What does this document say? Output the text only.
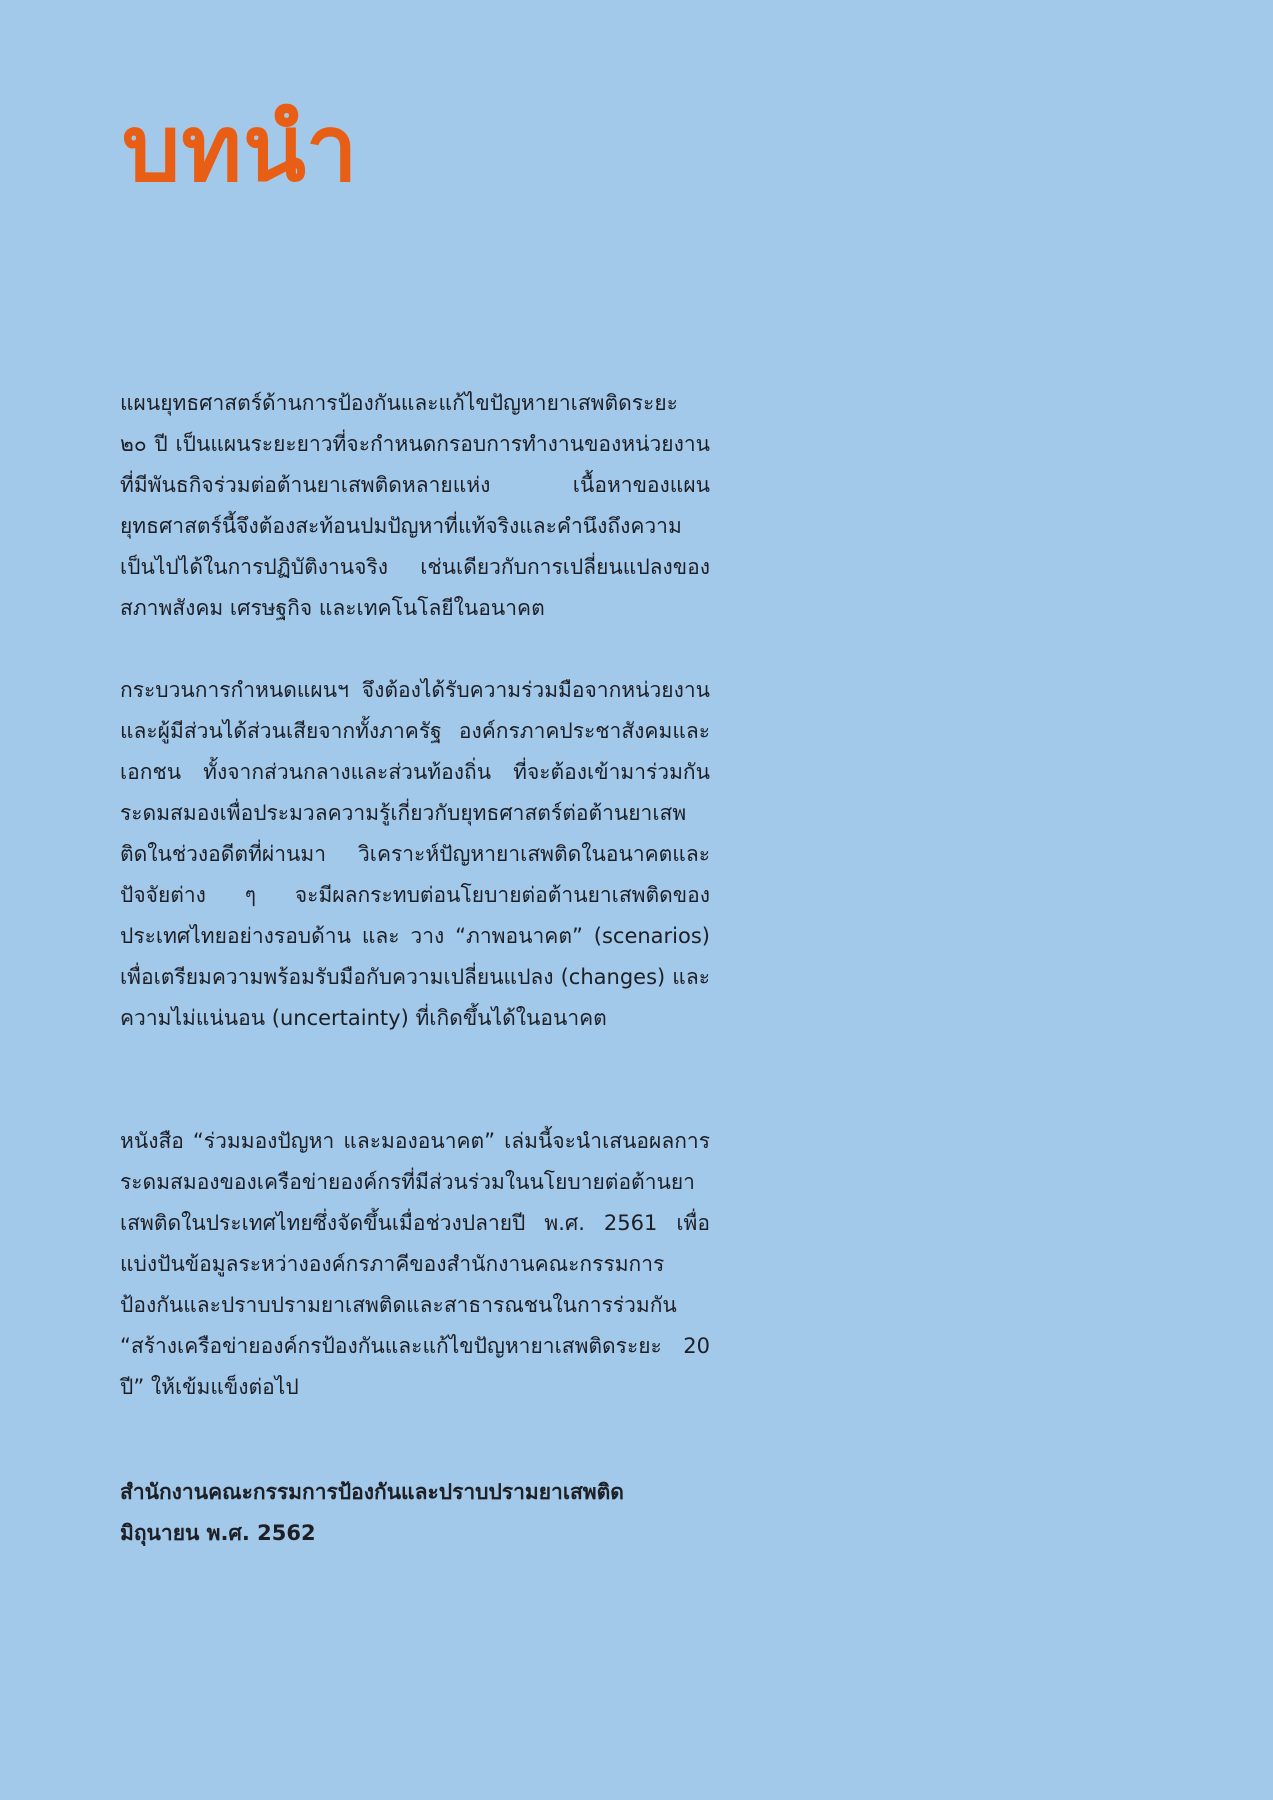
บทนำ

แผนยุทธศาสตร์ด้านการป้องกันและแก้ไขปัญหายาเสพติดระยะ ๒๐ ปี เป็นแผนระยะยาวที่จะกำหนดกรอบการทำงานของหน่วยงานที่มีพันธกิจร่วมต่อต้านยาเสพติดหลายแห่ง เนื้อหาของแผนยุทธศาสตร์นี้จึงต้องสะท้อนปมปัญหาที่แท้จริงและคำนึงถึงความเป็นไปได้ในการปฏิบัติงานจริง เช่นเดียวกับการเปลี่ยนแปลงของสภาพสังคม เศรษฐกิจ และเทคโนโลยีในอนาคต

กระบวนการกำหนดแผนฯ จึงต้องได้รับความร่วมมือจากหน่วยงานและผู้มีส่วนได้ส่วนเสียจากทั้งภาครัฐ องค์กรภาคประชาสังคมและเอกชน ทั้งจากส่วนกลางและส่วนท้องถิ่น ที่จะต้องเข้ามาร่วมกันระดมสมองเพื่อประมวลความรู้เกี่ยวกับยุทธศาสตร์ต่อต้านยาเสพติดในช่วงอดีตที่ผ่านมา วิเคราะห์ปัญหายาเสพติดในอนาคตและปัจจัยต่าง ๆ จะมีผลกระทบต่อนโยบายต่อต้านยาเสพติดของประเทศไทยอย่างรอบด้าน และ วาง “ภาพอนาคต” (scenarios) เพื่อเตรียมความพร้อมรับมือกับความเปลี่ยนแปลง (changes) และความไม่แน่นอน (uncertainty) ที่เกิดขึ้นได้ในอนาคต

หนังสือ “ร่วมมองปัญหา และมองอนาคต” เล่มนี้จะนำเสนอผลการระดมสมองของเครือข่ายองค์กรที่มีส่วนร่วมในนโยบายต่อต้านยาเสพติดในประเทศไทยซึ่งจัดขึ้นเมื่อช่วงปลายปี พ.ศ. 2561 เพื่อแบ่งปันข้อมูลระหว่างองค์กรภาคีของสำนักงานคณะกรรมการป้องกันและปราบปรามยาเสพติดและสาธารณชนในการร่วมกัน “สร้างเครือข่ายองค์กรป้องกันและแก้ไขปัญหายาเสพติดระยะ 20 ปี” ให้เข้มแข็งต่อไป

สำนักงานคณะกรรมการป้องกันและปราบปรามยาเสพติด
มิถุนายน พ.ศ. 2562
